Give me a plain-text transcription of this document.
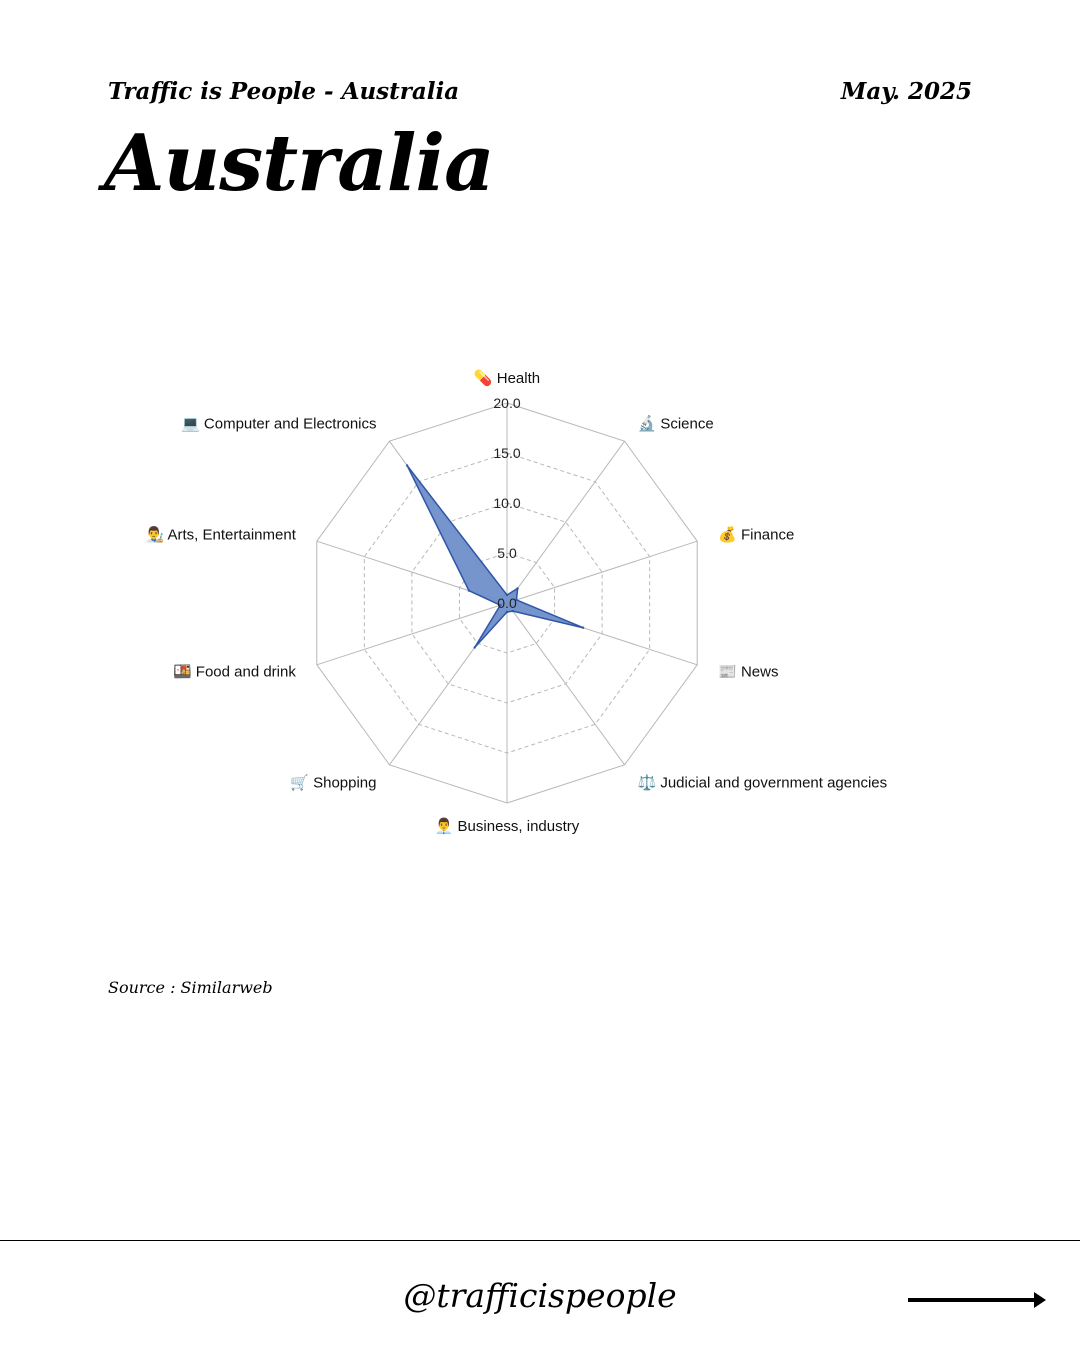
Traffic is People - Australia	May. 2025
Australia
0.0
5.0
10.0
15.0
20.0
💊 Health
🔬 Science
💰 Finance
📰 News
⚖️ Judicial and government agencies
👨‍💼 Business, industry
🛒 Shopping
🍱 Food and drink
👨‍🎨 Arts, Entertainment
💻 Computer and Electronics
Source : Similarweb
@trafficispeople
